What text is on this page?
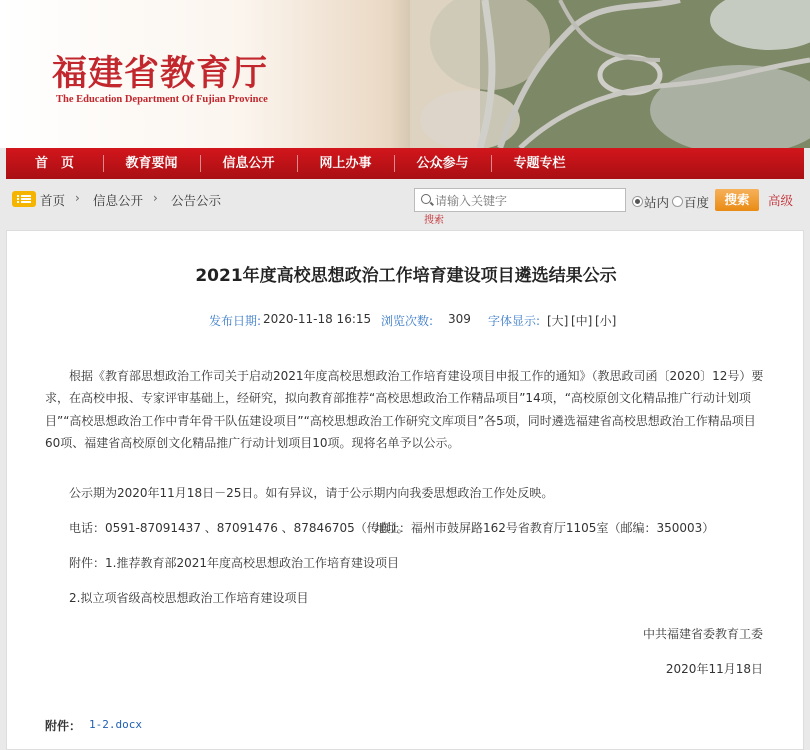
福建省教育厅
The Education Department Of Fujian Province
首　页	教育要闻	信息公开	网上办事	公众参与	专题专栏
首页 › 信息公开 › 公告公示
请输入关键字
搜索
站内 百度	搜索	高级
2021年度高校思想政治工作培育建设项目遴选结果公示
发布日期: 2020-11-18 16:15 浏览次数: 309 字体显示: [大] [中] [小]

根据《教育部思想政治工作司关于启动2021年度高校思想政治工作培育建设项目申报工作的通知》（教思政司函〔2020〕12号）要求，在高校申报、专家评审基础上，经研究，拟向教育部推荐“高校思想政治工作精品项目”14项，“高校原创文化精品推广行动计划项目”“高校思想政治工作中青年骨干队伍建设项目”“高校思想政治工作研究文库项目”各5项，同时遴选福建省高校思想政治工作精品项目60项、福建省高校原创文化精品推广行动计划项目10项。现将名单予以公示。

公示期为2020年11月18日－25日。如有异议，请于公示期内向我委思想政治工作处反映。
电话：0591-87091437 、87091476 、87846705（传真）。
地址：福州市鼓屏路162号省教育厅1105室（邮编：350003）
附件：1.推荐教育部2021年度高校思想政治工作培育建设项目
2.拟立项省级高校思想政治工作培育建设项目
中共福建省委教育工委
2020年11月18日
附件： 1-2.docx
